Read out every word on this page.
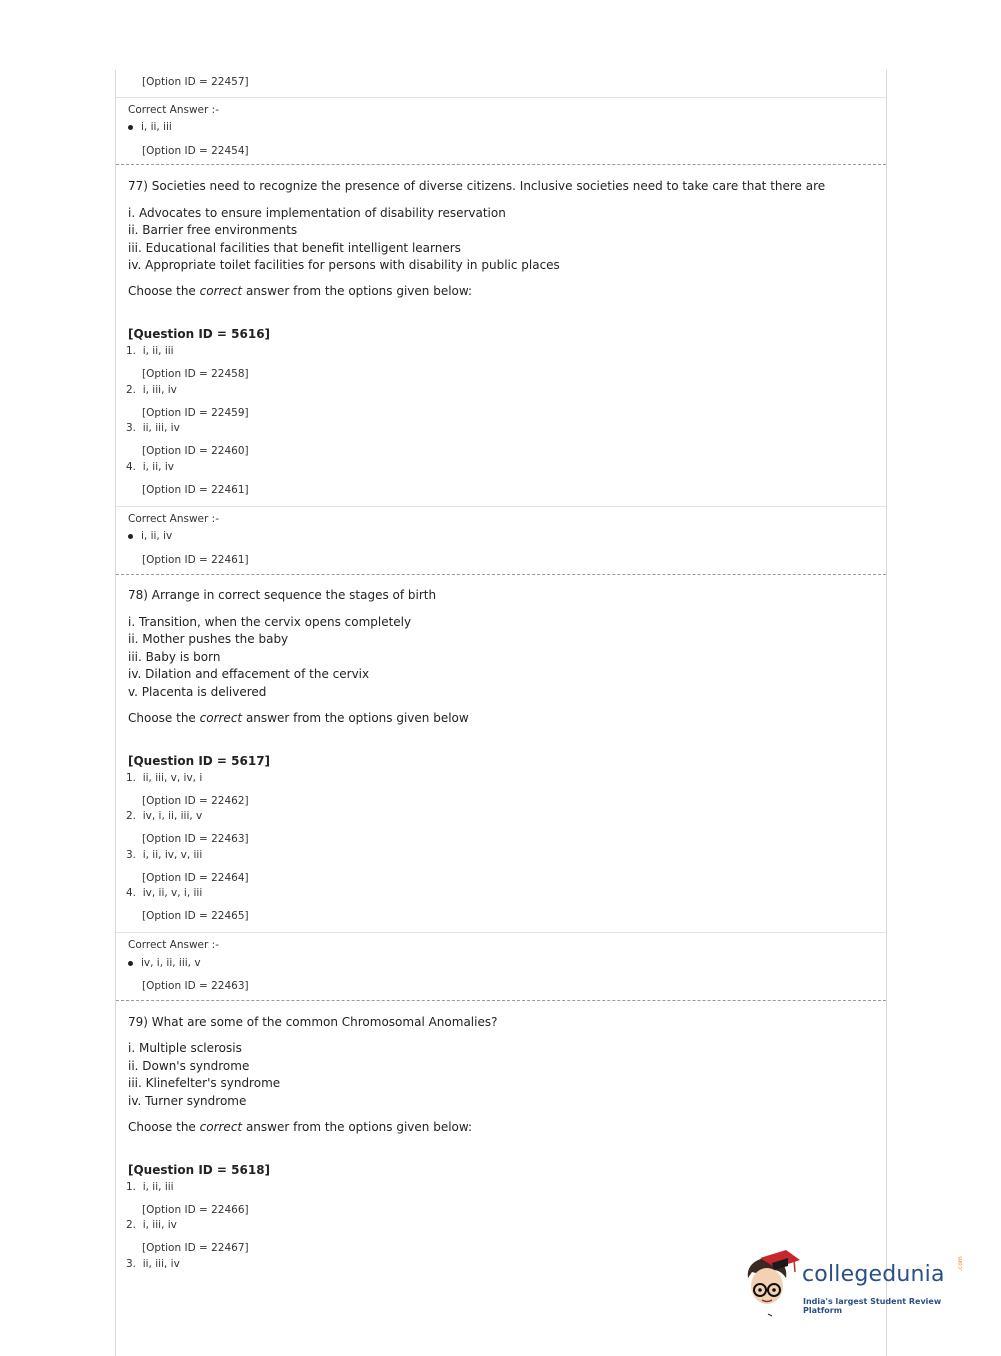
[Option ID = 22457]
Correct Answer :-
i, ii, iii
[Option ID = 22454]
77) Societies need to recognize the presence of diverse citizens. Inclusive societies need to take care that there are
i. Advocates to ensure implementation of disability reservation
ii. Barrier free environments
iii. Educational facilities that benefit intelligent learners
iv. Appropriate toilet facilities for persons with disability in public places
Choose the correct answer from the options given below:
[Question ID = 5616]
1. i, ii, iii
[Option ID = 22458]
2. i, iii, iv
[Option ID = 22459]
3. ii, iii, iv
[Option ID = 22460]
4. i, ii, iv
[Option ID = 22461]
Correct Answer :-
i, ii, iv
[Option ID = 22461]
78) Arrange in correct sequence the stages of birth
i. Transition, when the cervix opens completely
ii. Mother pushes the baby
iii. Baby is born
iv. Dilation and effacement of the cervix
v. Placenta is delivered
Choose the correct answer from the options given below
[Question ID = 5617]
1. ii, iii, v, iv, i
[Option ID = 22462]
2. iv, i, ii, iii, v
[Option ID = 22463]
3. i, ii, iv, v, iii
[Option ID = 22464]
4. iv, ii, v, i, iii
[Option ID = 22465]
Correct Answer :-
iv, i, ii, iii, v
[Option ID = 22463]
79) What are some of the common Chromosomal Anomalies?
i. Multiple sclerosis
ii. Down's syndrome
iii. Klinefelter's syndrome
iv. Turner syndrome
Choose the correct answer from the options given below:
[Question ID = 5618]
1. i, ii, iii
[Option ID = 22466]
2. i, iii, iv
[Option ID = 22467]
3. ii, iii, iv	collegedunia .com
India's largest Student Review Platform
